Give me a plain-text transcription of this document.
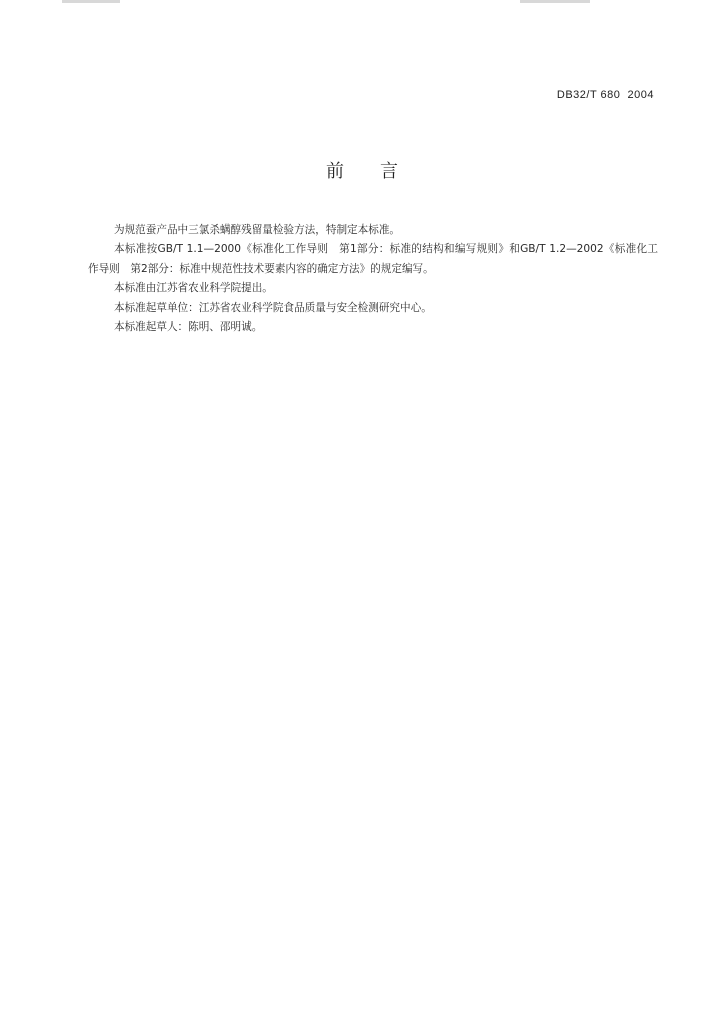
DB32/T 680  2004
前 言

为规范蚕产品中三氯杀螨醇残留量检验方法，特制定本标准。

本标准按GB/T 1.1—2000《标准化工作导则　第1部分：标准的结构和编写规则》和GB/T 1.2—2002《标准化工作导则　第2部分：标准中规范性技术要素内容的确定方法》的规定编写。

本标准由江苏省农业科学院提出。

本标准起草单位：江苏省农业科学院食品质量与安全检测研究中心。

本标准起草人：陈明、邵明诚。
